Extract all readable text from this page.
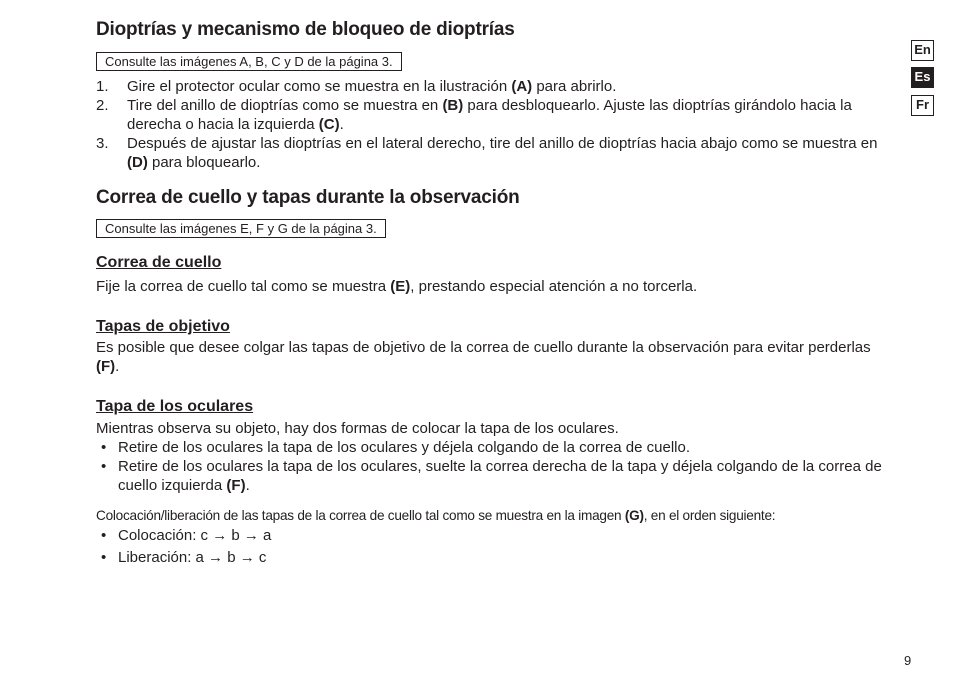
Dioptrías y mecanismo de bloqueo de dioptrías
Consulte las imágenes A, B, C y D de la página 3.
1. Gire el protector ocular como se muestra en la ilustración (A) para abrirlo.
2. Tire del anillo de dioptrías como se muestra en (B) para desbloquearlo. Ajuste las dioptrías girándolo hacia la derecha o hacia la izquierda (C).
3. Después de ajustar las dioptrías en el lateral derecho, tire del anillo de dioptrías hacia abajo como se muestra en (D) para bloquearlo.
Correa de cuello y tapas durante la observación
Consulte las imágenes E, F y G de la página 3.
Correa de cuello
Fije la correa de cuello tal como se muestra (E), prestando especial atención a no torcerla.
Tapas de objetivo
Es posible que desee colgar las tapas de objetivo de la correa de cuello durante la observación para evitar perderlas (F).
Tapa de los oculares
Mientras observa su objeto, hay dos formas de colocar la tapa de los oculares.
• Retire de los oculares la tapa de los oculares y déjela colgando de la correa de cuello.
• Retire de los oculares la tapa de los oculares, suelte la correa derecha de la tapa y déjela colgando de la correa de cuello izquierda (F).
Colocación/liberación de las tapas de la correa de cuello tal como se muestra en la imagen (G), en el orden siguiente:
• Colocación: c → b → a
• Liberación: a → b → c
En
Es
Fr
9
